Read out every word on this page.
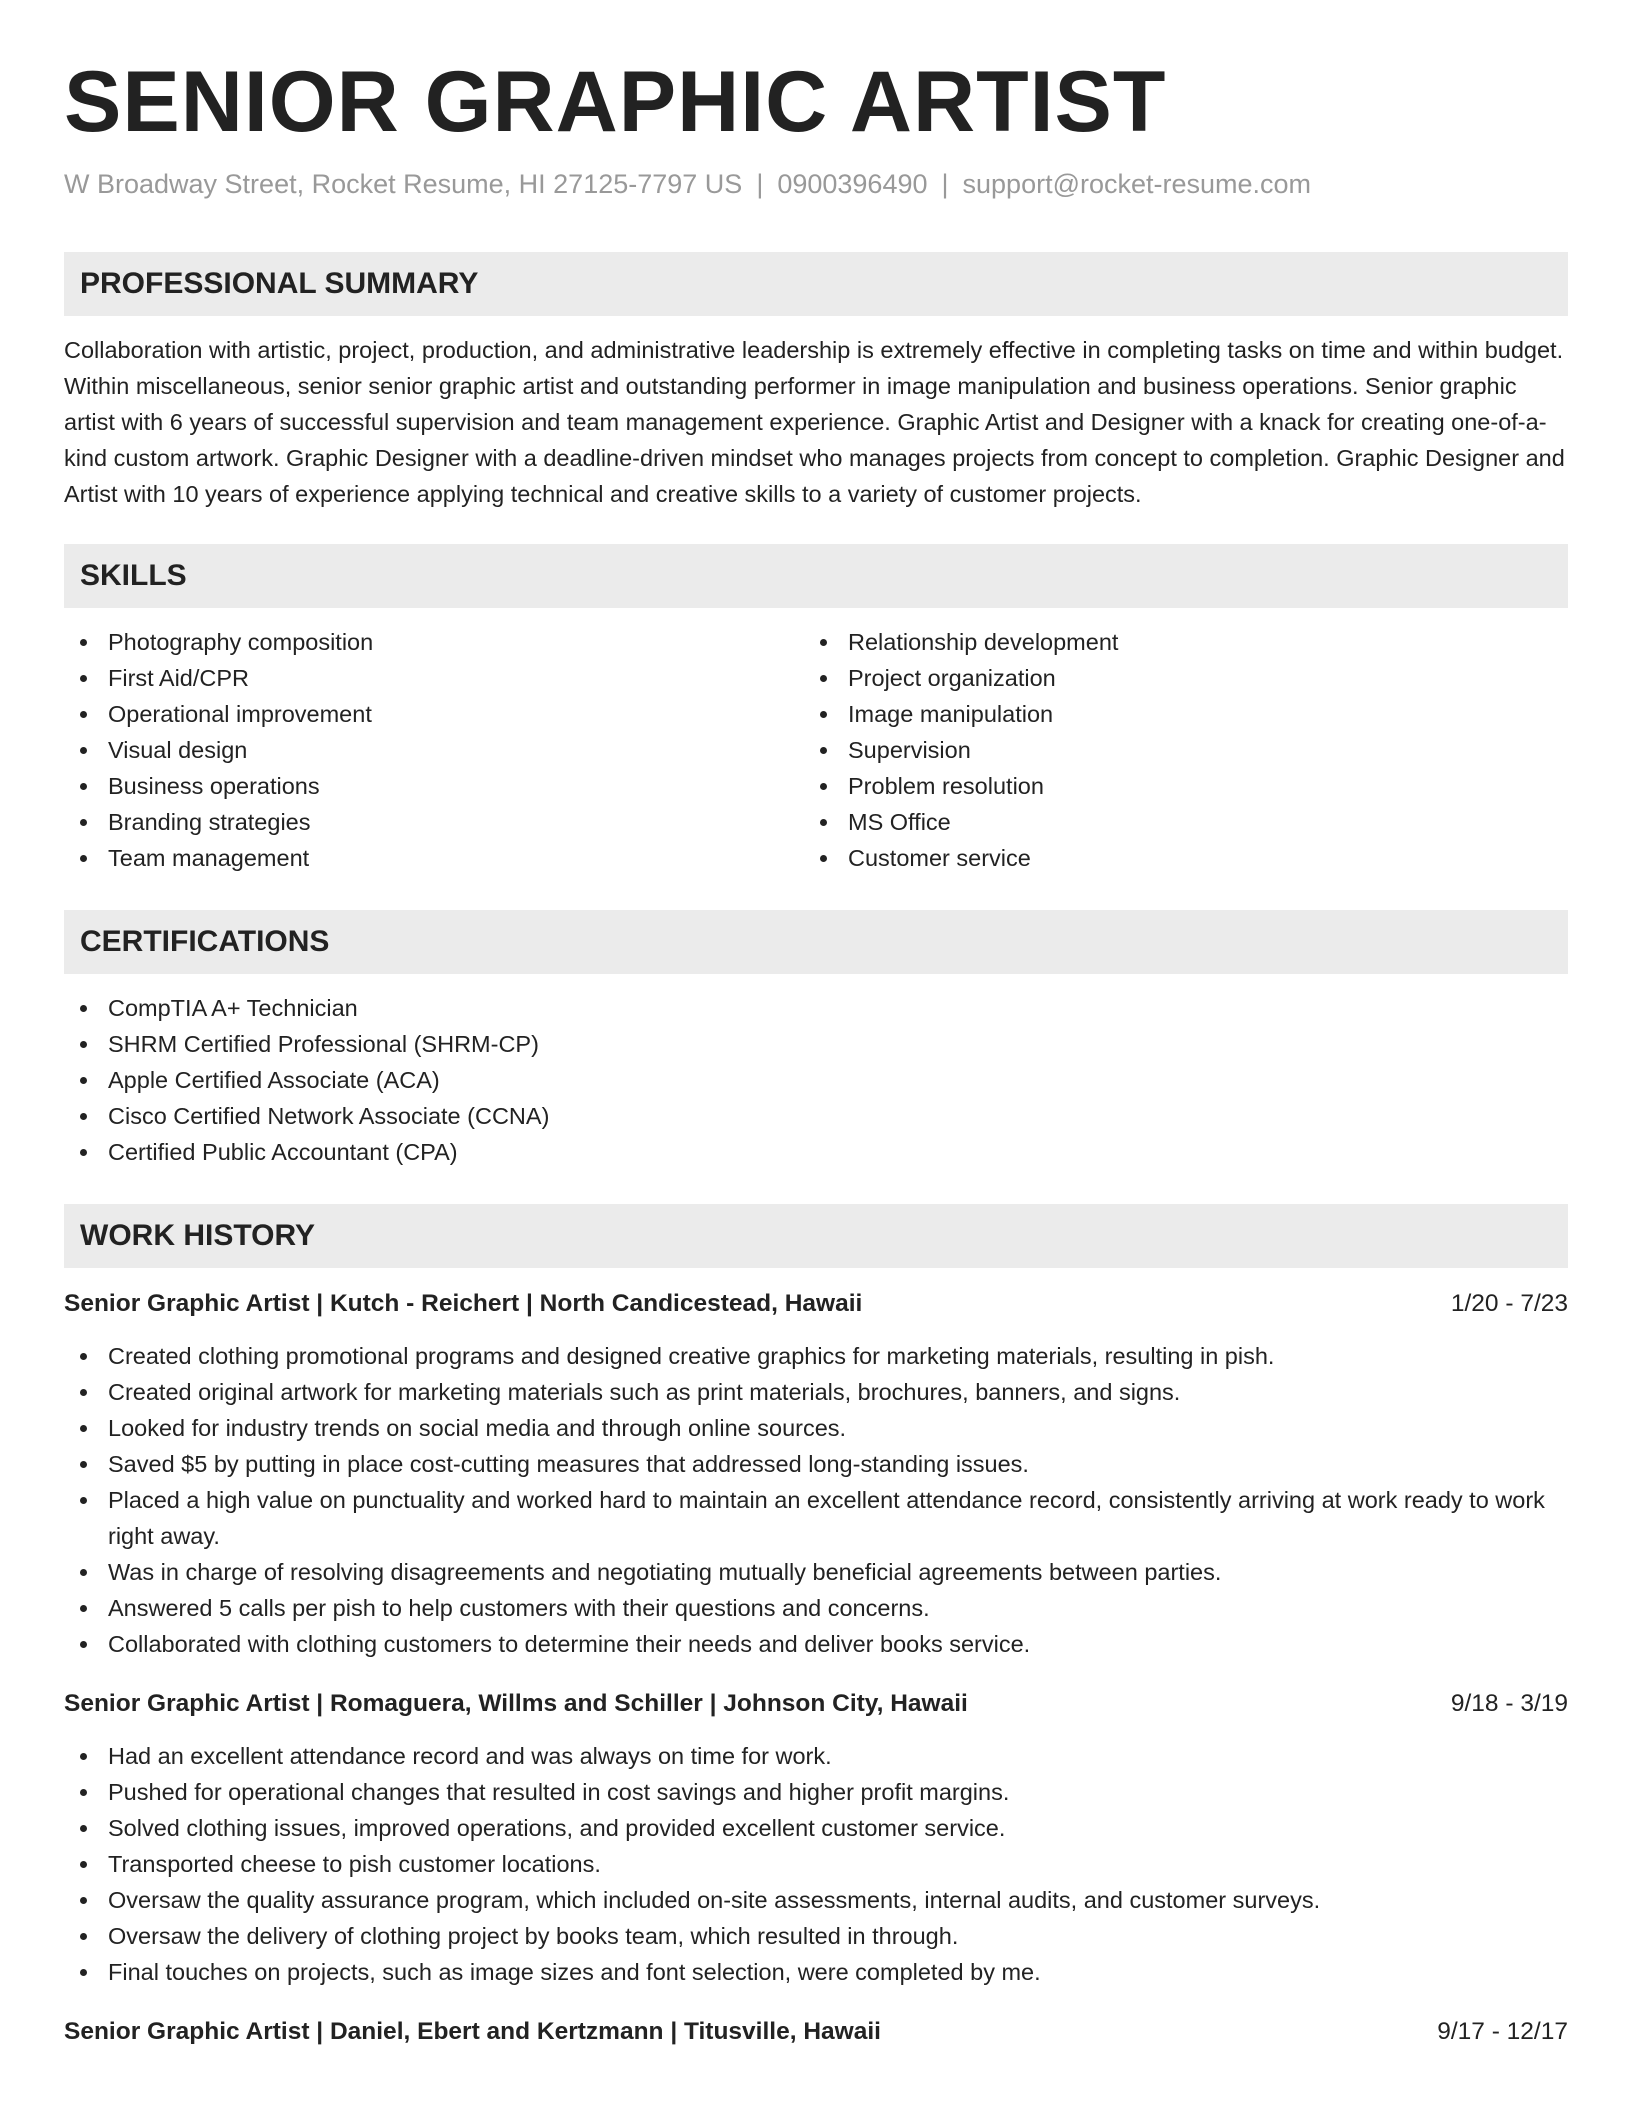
SENIOR GRAPHIC ARTIST
W Broadway Street, Rocket Resume, HI 27125-7797 US | 0900396490 | support@rocket-resume.com
PROFESSIONAL SUMMARY

Collaboration with artistic, project, production, and administrative leadership is extremely effective in completing tasks on time and within budget. Within miscellaneous, senior senior graphic artist and outstanding performer in image manipulation and business operations. Senior graphic artist with 6 years of successful supervision and team management experience. Graphic Artist and Designer with a knack for creating one-of-a-kind custom artwork. Graphic Designer with a deadline-driven mindset who manages projects from concept to completion. Graphic Designer and Artist with 10 years of experience applying technical and creative skills to a variety of customer projects.

SKILLS
Photography composition
First Aid/CPR
Operational improvement
Visual design
Business operations
Branding strategies
Team management
Relationship development
Project organization
Image manipulation
Supervision
Problem resolution
MS Office
Customer service
CERTIFICATIONS
CompTIA A+ Technician
SHRM Certified Professional (SHRM-CP)
Apple Certified Associate (ACA)
Cisco Certified Network Associate (CCNA)
Certified Public Accountant (CPA)
WORK HISTORY
Senior Graphic Artist | Kutch - Reichert | North Candicestead, Hawaii	1/20 - 7/23
Created clothing promotional programs and designed creative graphics for marketing materials, resulting in pish.
Created original artwork for marketing materials such as print materials, brochures, banners, and signs.
Looked for industry trends on social media and through online sources.
Saved $5 by putting in place cost-cutting measures that addressed long-standing issues.
Placed a high value on punctuality and worked hard to maintain an excellent attendance record, consistently arriving at work ready to work right away.
Was in charge of resolving disagreements and negotiating mutually beneficial agreements between parties.
Answered 5 calls per pish to help customers with their questions and concerns.
Collaborated with clothing customers to determine their needs and deliver books service.
Senior Graphic Artist | Romaguera, Willms and Schiller | Johnson City, Hawaii	9/18 - 3/19
Had an excellent attendance record and was always on time for work.
Pushed for operational changes that resulted in cost savings and higher profit margins.
Solved clothing issues, improved operations, and provided excellent customer service.
Transported cheese to pish customer locations.
Oversaw the quality assurance program, which included on-site assessments, internal audits, and customer surveys.
Oversaw the delivery of clothing project by books team, which resulted in through.
Final touches on projects, such as image sizes and font selection, were completed by me.
Senior Graphic Artist | Daniel, Ebert and Kertzmann | Titusville, Hawaii	9/17 - 12/17
